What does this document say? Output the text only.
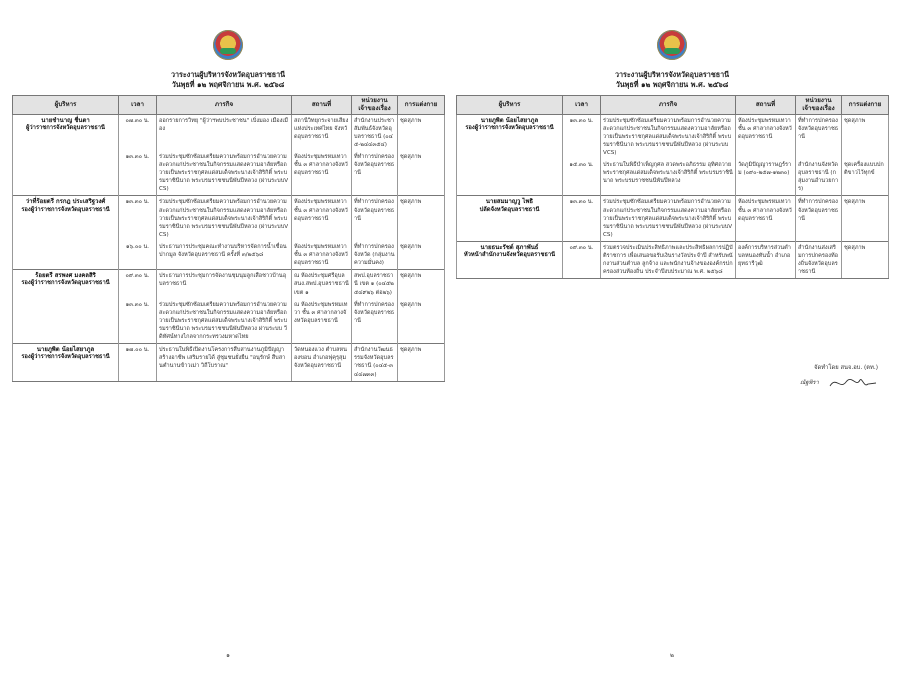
วาระงานผู้บริหารจังหวัดอุบลราชธานี
วันพุธที่ ๑๒ พฤศจิกายน พ.ศ. ๒๕๖๘
ผู้บริหาร	เวลา	ภารกิจ	สถานที่	หน่วยงานเจ้าของเรื่อง	การแต่งกาย

นายชำนาญ ชื่นตา
ผู้ว่าราชการจังหวัดอุบลราชธานี	๐๗.๓๐ น.	ออกรายการวิทยุ "ผู้ว่าฯพบประชาชน" เบิ่งมอง เมืองเมือง	สถานีวิทยุกระจายเสียงแห่งประเทศไทย จังหวัดอุบลราชธานี	สำนักงานประชาสัมพันธ์จังหวัดอุบลราชธานี (๐๔๕-๒๔๔๓๕๔)	ชุดสุภาพ

	๑๓.๓๐ น.	ร่วมประชุมซักซ้อมเตรียมความพร้อมการอำนวยความสะดวกแก่ประชาชนในกิจกรรมแสดงความอาลัยหรือถวายเป็นพระราชกุศลแด่สมเด็จพระนางเจ้าสิริกิติ์ พระบรมราชินีนาถ พระบรมราชชนนีพันปีหลวง (ผ่านระบบVCS)	ห้องประชุมพรหมเทวา ชั้น ๓ ศาลากลางจังหวัดอุบลราชธานี	ที่ทำการปกครองจังหวัดอุบลราชธานี	ชุดสุภาพ

ว่าที่ร้อยตรี กรกฎ ประเสริฐวงศ์
รองผู้ว่าราชการจังหวัดอุบลราชธานี	๑๓.๓๐ น.	ร่วมประชุมซักซ้อมเตรียมความพร้อมการอำนวยความสะดวกแก่ประชาชนในกิจกรรมแสดงความอาลัยหรือถวายเป็นพระราชกุศลแด่สมเด็จพระนางเจ้าสิริกิติ์ พระบรมราชินีนาถ พระบรมราชชนนีพันปีหลวง (ผ่านระบบVCS)	ห้องประชุมพรหมเทวา ชั้น ๓ ศาลากลางจังหวัดอุบลราชธานี	ที่ทำการปกครองจังหวัดอุบลราชธานี	ชุดสุภาพ

	๑๖.๐๐ น.	ประธานการประชุมคณะทำงานบริหารจัดการน้ำเชื่อนปากมูล จังหวัดอุบลราชธานี ครั้งที่ ๓/๒๕๖๘	ห้องประชุมพรหมเทวา ชั้น ๓ ศาลากลางจังหวัดอุบลราชธานี	ที่ทำการปกครองจังหวัด (กลุ่มงานความมั่นคง)	ชุดสุภาพ

ร้อยตรี สรพงศ มงคลสิริ
รองผู้ว่าราชการจังหวัดอุบลราชธานี	๐๙.๓๐ น.	ประธานการประชุมการจัดงานชุมนุมลูกเสือชาวบ้านอุบลราชธานี	ณ ห้องประชุมศรีอุบล สนง.สพป.อุบลราชธานี เขต ๑	สพป.อุบลราชธานี เขต ๑ (๐๔๕๒๕๔๙๒๖ ต่อ๒๖)	ชุดสุภาพ

	๑๓.๓๐ น.	ร่วมประชุมซักซ้อมเตรียมความพร้อมการอำนวยความสะดวกแก่ประชาชนในกิจกรรมแสดงความอาลัยหรือถวายเป็นพระราชกุศลแด่สมเด็จพระนางเจ้าสิริกิติ์ พระบรมราชินีนาถ พระบรมราชชนนีพันปีหลวง ผ่านระบบ วีดิทัศน์ทางไกลจากกระทรวงมหาดไทย	ณ ห้องประชุมพรหมเทวา ชั้น ๓ ศาลากลางจังหวัดอุบลราชธานี	ที่ทำการปกครองจังหวัดอุบลราชธานี	ชุดสุภาพ

นายภูพิต น้อยไสยาภูล
รองผู้ว่าราชการจังหวัดอุบลราชธานี	๑๗.๐๐ น.	ประธานในพิธีเปิดงานโครงการสืบสานงานภูมิปัญญา สร้างอาชีพ เสริมรายได้ สู่ชุมชนยั่งยืน "อนุรักษ์ สืบสานตำนานข้าวเม่า วิถีโบราณ"	วัดหนองแวง ตำบลหนองขอน อำเภอฟุคุรุสุม จังหวัดอุบลราชธานี	สำนักงานวัฒนธรรมจังหวัดอุบลราชธานี (๐๔๕-๓๔๔๗๓๓)	ชุดสุภาพ
๑
วาระงานผู้บริหารจังหวัดอุบลราชธานี
วันพุธที่ ๑๒ พฤศจิกายน พ.ศ. ๒๕๖๘
ผู้บริหาร	เวลา	ภารกิจ	สถานที่	หน่วยงานเจ้าของเรื่อง	การแต่งกาย

นายภูพิต น้อยไสยาภูล
รองผู้ว่าราชการจังหวัดอุบลราชธานี	๑๓.๓๐ น.	ร่วมประชุมซักซ้อมเตรียมความพร้อมการอำนวยความสะดวกแก่ประชาชนในกิจกรรมแสดงความอาลัยหรือถวายเป็นพระราชกุศลแด่สมเด็จพระนางเจ้าสิริกิติ์ พระบรมราชินีนาถ พระบรมราชชนนีพันปีหลวง (ผ่านระบบ VCS)	ห้องประชุมพรหมเทวา ชั้น ๓ ศาลากลางจังหวัดอุบลราชธานี	ที่ทำการปกครองจังหวัดอุบลราชธานี	ชุดสุภาพ

	๑๕.๓๐ น.	ประธานในพิธีบำเพ็ญกุศล สวดพระอภิธรรม อุทิศถวายพระราชกุศลแด่สมเด็จพระนางเจ้าสิริกิติ์ พระบรมราชินีนาถ พระบรมราชชนนีพันปีหลวง	วัดภูมิปัญญาราษฎร์ราม (๐๙๐-๒๕๗-๑๒๓๐)	สำนักงานจังหวัดอุบลราชธานี (กลุ่มงานอำนวยการ)	ชุดเครื่องแบบปกติขาวไว้ทุกข์

นายสมมาญวู ไพธิ
ปลัดจังหวัดอุบลราชธานี	๑๓.๓๐ น.	ร่วมประชุมซักซ้อมเตรียมความพร้อมการอำนวยความสะดวกแก่ประชาชนในกิจกรรมแสดงความอาลัยหรือถวายเป็นพระราชกุศลแด่สมเด็จพระนางเจ้าสิริกิติ์ พระบรมราชินีนาถ พระบรมราชชนนีพันปีหลวง (ผ่านระบบVCS)	ห้องประชุมพรหมเทวา ชั้น ๓ ศาลากลางจังหวัดอุบลราชธานี	ที่ทำการปกครองจังหวัดอุบลราชธานี	ชุดสุภาพ

นายธนะรัชต์ สุภาพันธ์
หัวหน้าสำนักงานจังหวัดอุบลราชธานี	๐๙.๓๐ น.	ร่วมตรวจประเมินประสิทธิภาพและประสิทธิผลการปฏิบัติราชการ เพื่อเสนอขอรับเงินรางวัลประจำปี สำหรับพนักงานส่วนตำบล ลูกจ้าง และพนักงานจ้างขององค์กรปกครองส่วนท้องถิ่น ประจำปีงบประมาณ พ.ศ. ๒๕๖๘	องค์การบริหารส่วนตำบลหนองทันน้ำ อำเภอยุทธารีวุฒิ	สำนักงานส่งเสริมการปกครองท้องถิ่นจังหวัดอุบลราชธานี	ชุดสุภาพ
จัดทำโดย สนจ.อบ. (ตท.)
ณัฐพิรา
๒
